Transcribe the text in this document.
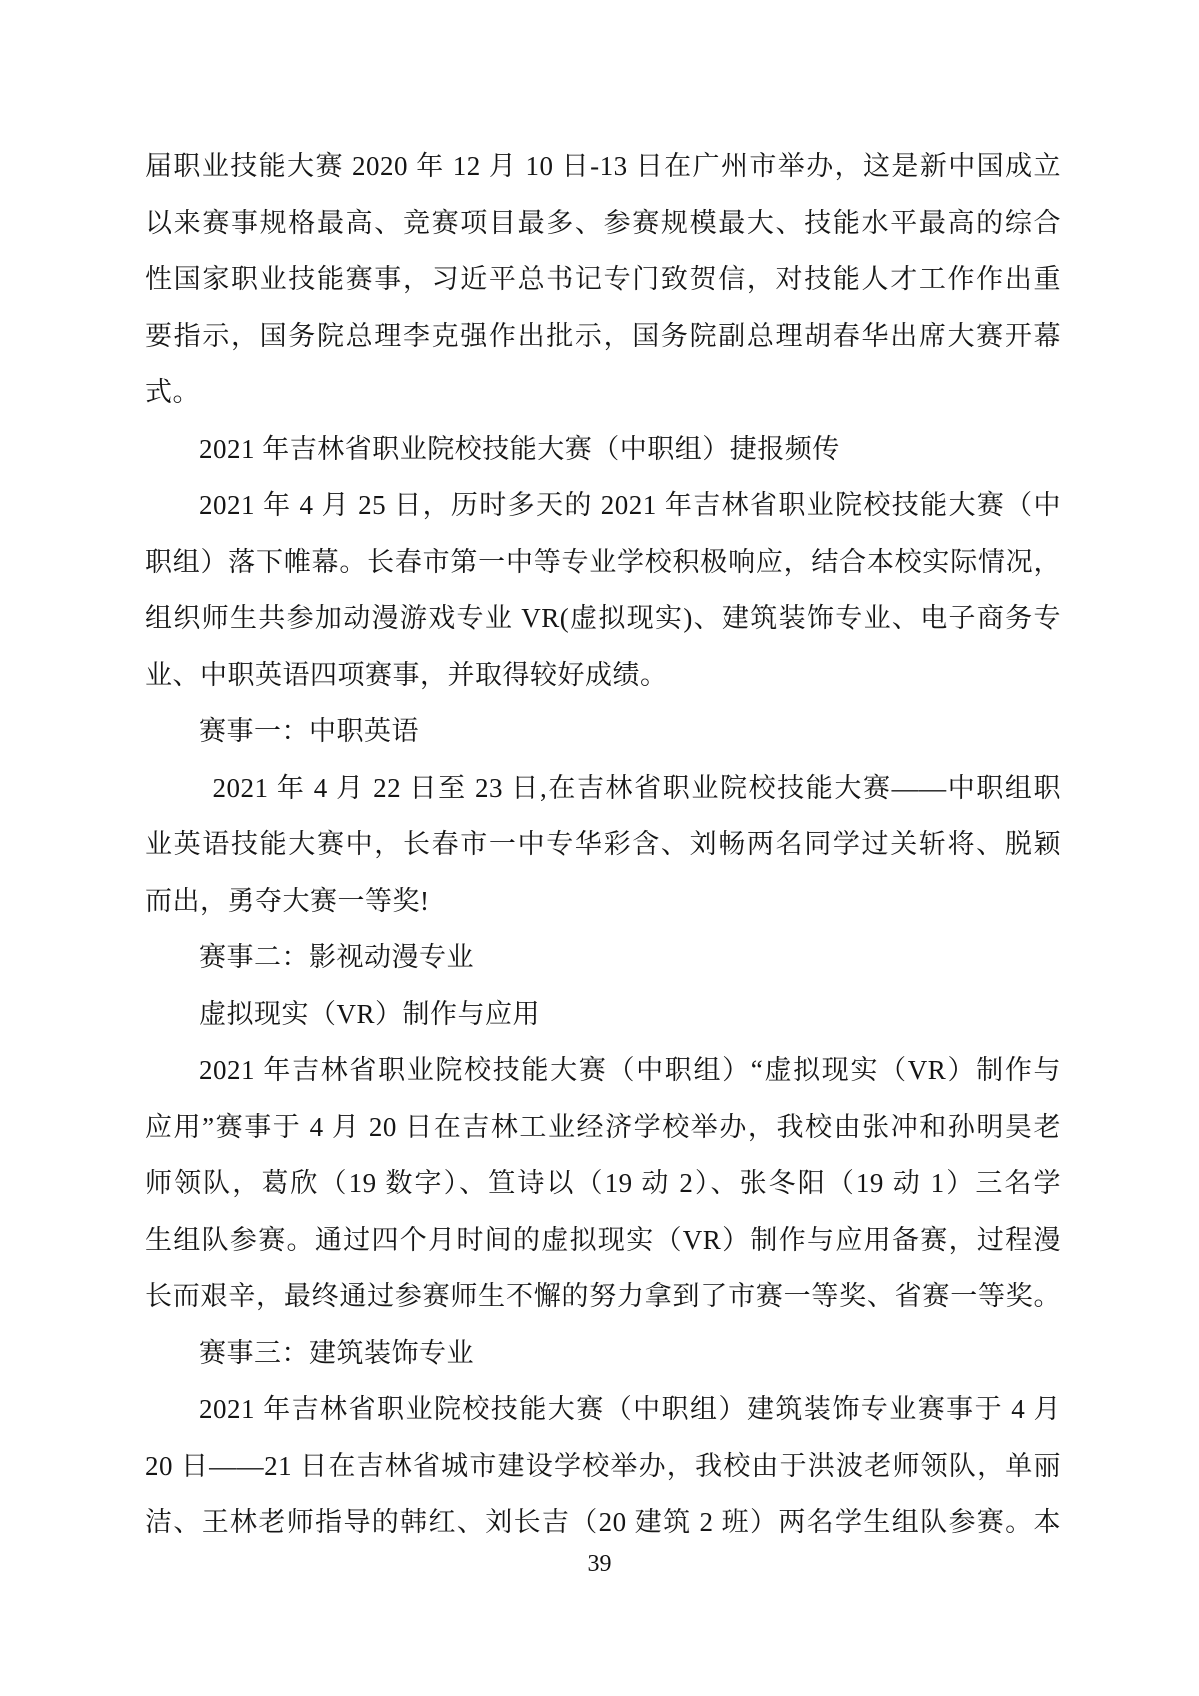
届职业技能大赛 2020 年 12 月 10 日-13 日在广州市举办，这是新中国成立
以来赛事规格最高、竞赛项目最多、参赛规模最大、技能水平最高的综合
性国家职业技能赛事，习近平总书记专门致贺信，对技能人才工作作出重
要指示，国务院总理李克强作出批示，国务院副总理胡春华出席大赛开幕
式。
2021 年吉林省职业院校技能大赛（中职组）捷报频传
2021 年 4 月 25 日，历时多天的 2021 年吉林省职业院校技能大赛（中
职组）落下帷幕。长春市第一中等专业学校积极响应，结合本校实际情况，
组织师生共参加动漫游戏专业 VR(虚拟现实)、建筑装饰专业、电子商务专
业、中职英语四项赛事，并取得较好成绩。
赛事一：中职英语
2021 年 4 月 22 日至 23 日,在吉林省职业院校技能大赛——中职组职
业英语技能大赛中，长春市一中专华彩含、刘畅两名同学过关斩将、脱颖
而出，勇夺大赛一等奖!
赛事二：影视动漫专业
虚拟现实（VR）制作与应用
2021 年吉林省职业院校技能大赛（中职组）“虚拟现实（VR）制作与
应用”赛事于 4 月 20 日在吉林工业经济学校举办，我校由张冲和孙明昊老
师领队，葛欣（19 数字）、笪诗以（19 动 2）、张冬阳（19 动 1）三名学
生组队参赛。通过四个月时间的虚拟现实（VR）制作与应用备赛，过程漫
长而艰辛，最终通过参赛师生不懈的努力拿到了市赛一等奖、省赛一等奖。
赛事三：建筑装饰专业
2021 年吉林省职业院校技能大赛（中职组）建筑装饰专业赛事于 4 月
20 日——21 日在吉林省城市建设学校举办，我校由于洪波老师领队，单丽
洁、王林老师指导的韩红、刘长吉（20 建筑 2 班）两名学生组队参赛。本
39
